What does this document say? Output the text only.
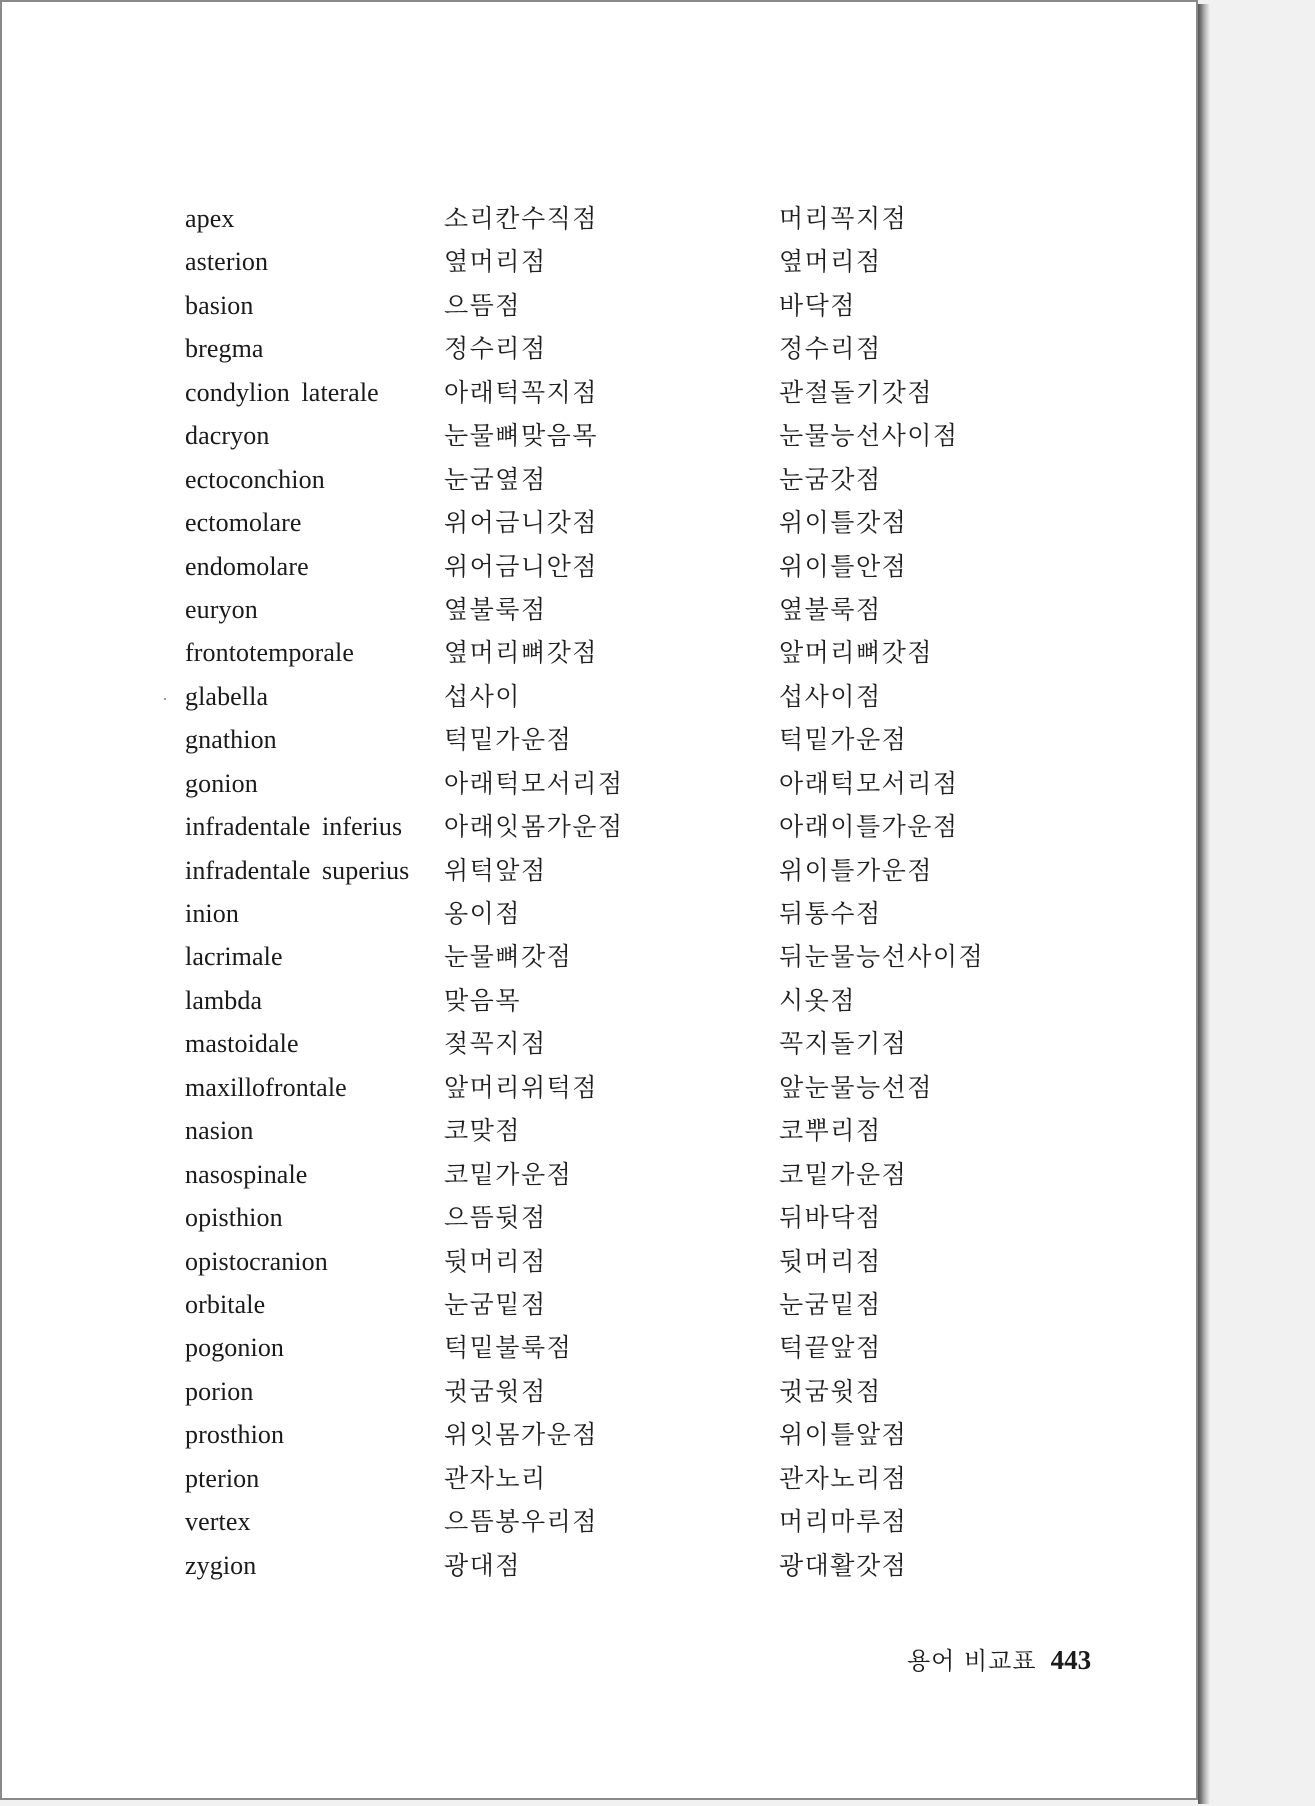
apex	소리칸수직점	머리꼭지점
asterion	옆머리점	옆머리점
basion	으뜸점	바닥점
bregma	정수리점	정수리점
condylion laterale	아래턱꼭지점	관절돌기갓점
dacryon	눈물뼈맞음목	눈물능선사이점
ectoconchion	눈굼옆점	눈굼갓점
ectomolare	위어금니갓점	위이틀갓점
endomolare	위어금니안점	위이틀안점
euryon	옆불룩점	옆불룩점
frontotemporale	옆머리뼈갓점	앞머리뼈갓점
glabella	섭사이	섭사이점
gnathion	턱밑가운점	턱밑가운점
gonion	아래턱모서리점	아래턱모서리점
infradentale inferius 아래잇몸가운점	아래이틀가운점
infradentale superius 위턱앞점	위이틀가운점
inion	옹이점	뒤통수점
lacrimale	눈물뼈갓점	뒤눈물능선사이점
lambda	맞음목	시옷점
mastoidale	젖꼭지점	꼭지돌기점
maxillofrontale	앞머리위턱점	앞눈물능선점
nasion	코맞점	코뿌리점
nasospinale	코밑가운점	코밑가운점
opisthion	으뜸뒷점	뒤바닥점
opistocranion	뒷머리점	뒷머리점
orbitale	눈굼밑점	눈굼밑점
pogonion	턱밑불룩점	턱끝앞점
porion	귓굼윗점	귓굼윗점
prosthion	위잇몸가운점	위이틀앞점
pterion	관자노리	관자노리점
vertex	으뜸봉우리점	머리마루점
zygion	광대점	광대활갓점
용어 비교표 443
